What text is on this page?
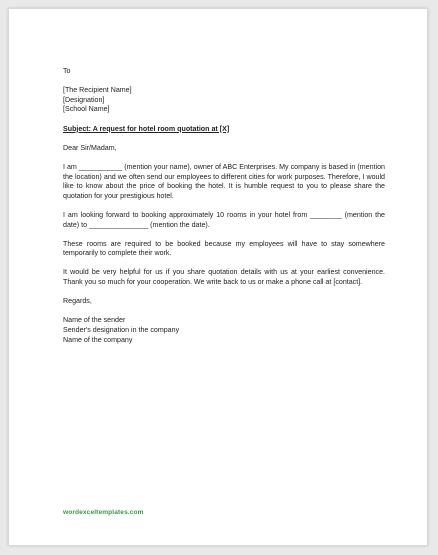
To

[The Recipient Name]
[Designation]
[School Name]

Subject: A request for hotel room quotation at [X]

Dear Sir/Madam,

I am ___________ (mention your name), owner of ABC Enterprises. My company is based in (mention the location) and we often send our employees to different cities for work purposes. Therefore, I would like to know about the price of booking the hotel. It is humble request to you to please share the quotation for your prestigious hotel.

I am looking forward to booking approximately 10 rooms in your hotel from ________ (mention the date) to _______________ (mention the date).

These rooms are required to be booked because my employees will have to stay somewhere temporarily to complete their work.

It would be very helpful for us if you share quotation details with us at your earliest convenience. Thank you so much for your cooperation. We write back to us or make a phone call at [contact].

Regards,

Name of the sender
Sender's designation in the company
Name of the company

wordexceltemplates.com
